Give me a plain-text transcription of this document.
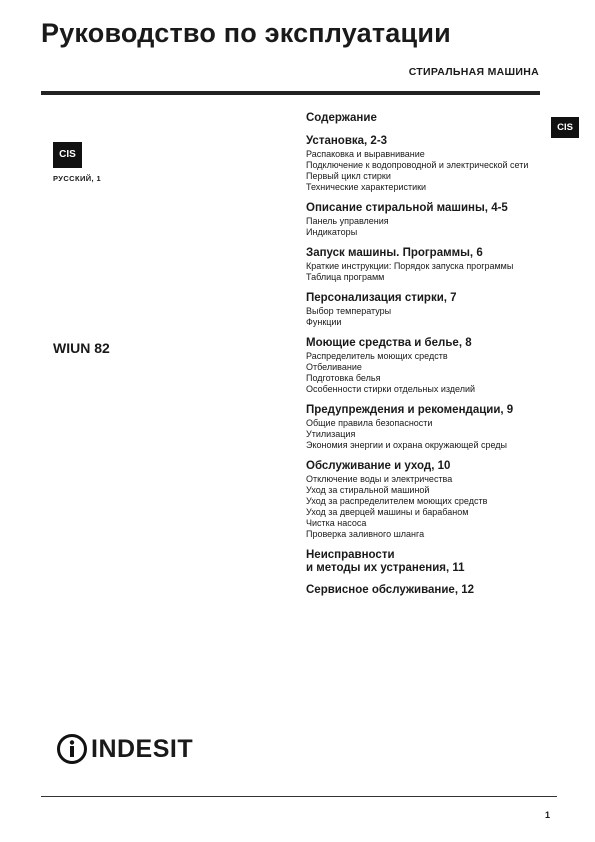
Руководство по эксплуатации
СТИРАЛЬНАЯ МАШИНА
CIS
РУССКИЙ, 1
WIUN 82
CIS
Содержание
Установка, 2-3
Распаковка и выравнивание
Подключение к водопроводной и электрической сети
Первый цикл стирки
Технические характеристики
Описание стиральной машины, 4-5
Панель управления
Индикаторы
Запуск машины. Программы, 6
Краткие инструкции: Порядок запуска программы
Таблица программ
Персонализация стирки, 7
Выбор температуры
Функции
Моющие средства и белье, 8
Распределитель моющих средств
Отбеливание
Подготовка белья
Особенности стирки отдельных изделий
Предупреждения и рекомендации, 9
Общие правила безопасности
Утилизация
Экономия энергии и охрана окружающей среды
Обслуживание и уход, 10
Отключение воды и электричества
Уход за стиральной машиной
Уход за распределителем моющих средств
Уход за дверцей машины и барабаном
Чистка насоса
Проверка заливного шланга
Неисправности
и методы их устранения, 11
Сервисное обслуживание, 12
INDESIT
1
